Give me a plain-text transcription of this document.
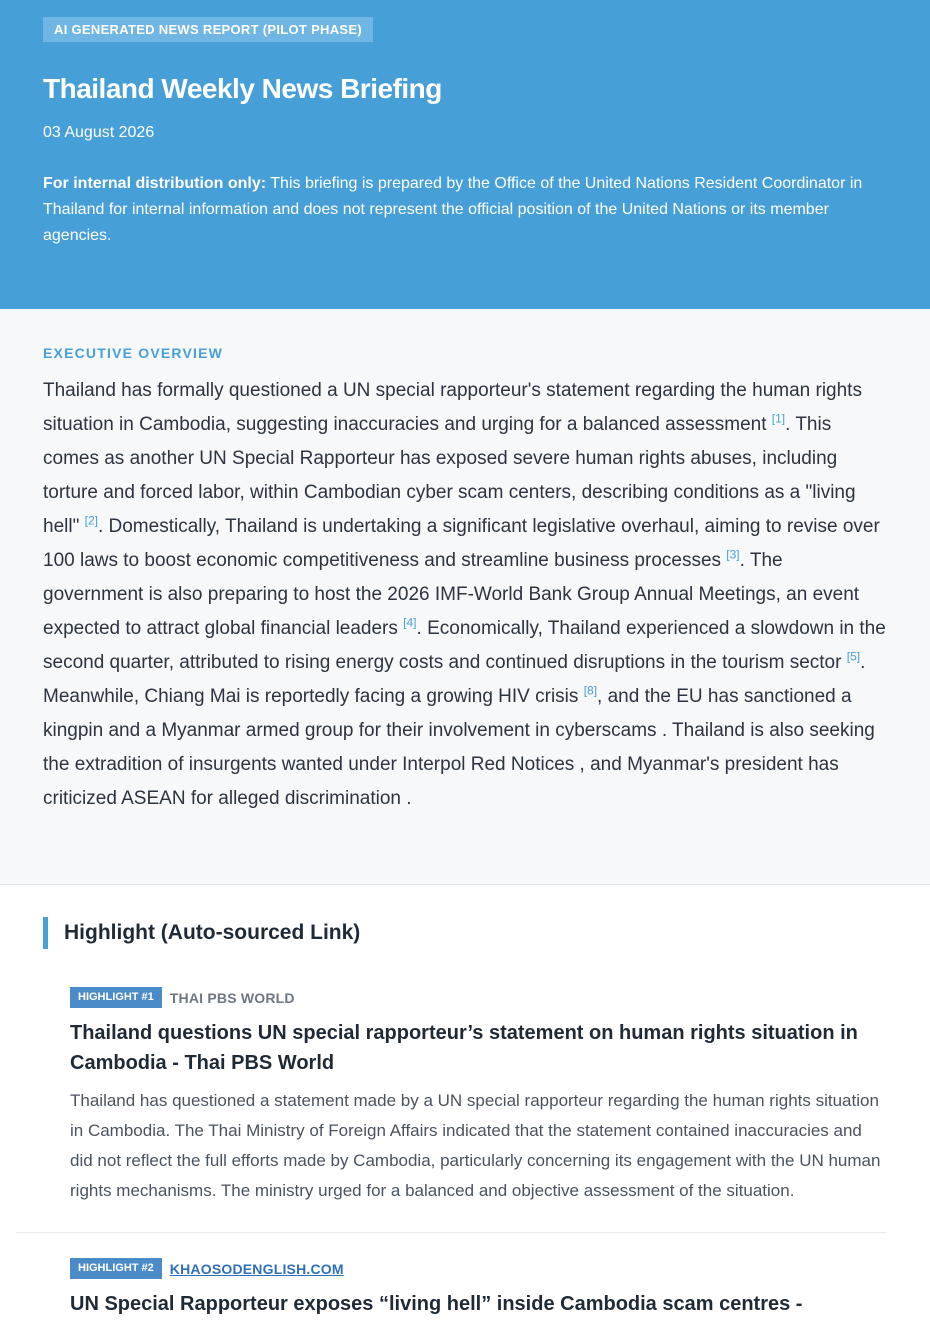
AI GENERATED NEWS REPORT (PILOT PHASE)
Thailand Weekly News Briefing
03 August 2026
For internal distribution only: This briefing is prepared by the Office of the United Nations Resident Coordinator in Thailand for internal information and does not represent the official position of the United Nations or its member agencies.
EXECUTIVE OVERVIEW
Thailand has formally questioned a UN special rapporteur's statement regarding the human rights situation in Cambodia, suggesting inaccuracies and urging for a balanced assessment [1]. This comes as another UN Special Rapporteur has exposed severe human rights abuses, including torture and forced labor, within Cambodian cyber scam centers, describing conditions as a "living hell" [2]. Domestically, Thailand is undertaking a significant legislative overhaul, aiming to revise over 100 laws to boost economic competitiveness and streamline business processes [3]. The government is also preparing to host the 2026 IMF-World Bank Group Annual Meetings, an event expected to attract global financial leaders [4]. Economically, Thailand experienced a slowdown in the second quarter, attributed to rising energy costs and continued disruptions in the tourism sector [5]. Meanwhile, Chiang Mai is reportedly facing a growing HIV crisis [8], and the EU has sanctioned a kingpin and a Myanmar armed group for their involvement in cyberscams . Thailand is also seeking the extradition of insurgents wanted under Interpol Red Notices , and Myanmar's president has criticized ASEAN for alleged discrimination .
Highlight (Auto-sourced Link)
HIGHLIGHT #1	THAI PBS WORLD
Thailand questions UN special rapporteur’s statement on human rights situation in Cambodia - Thai PBS World
Thailand has questioned a statement made by a UN special rapporteur regarding the human rights situation in Cambodia. The Thai Ministry of Foreign Affairs indicated that the statement contained inaccuracies and did not reflect the full efforts made by Cambodia, particularly concerning its engagement with the UN human rights mechanisms. The ministry urged for a balanced and objective assessment of the situation.
HIGHLIGHT #2	KHAOSODENGLISH.COM
UN Special Rapporteur exposes “living hell” inside Cambodia scam centres -
